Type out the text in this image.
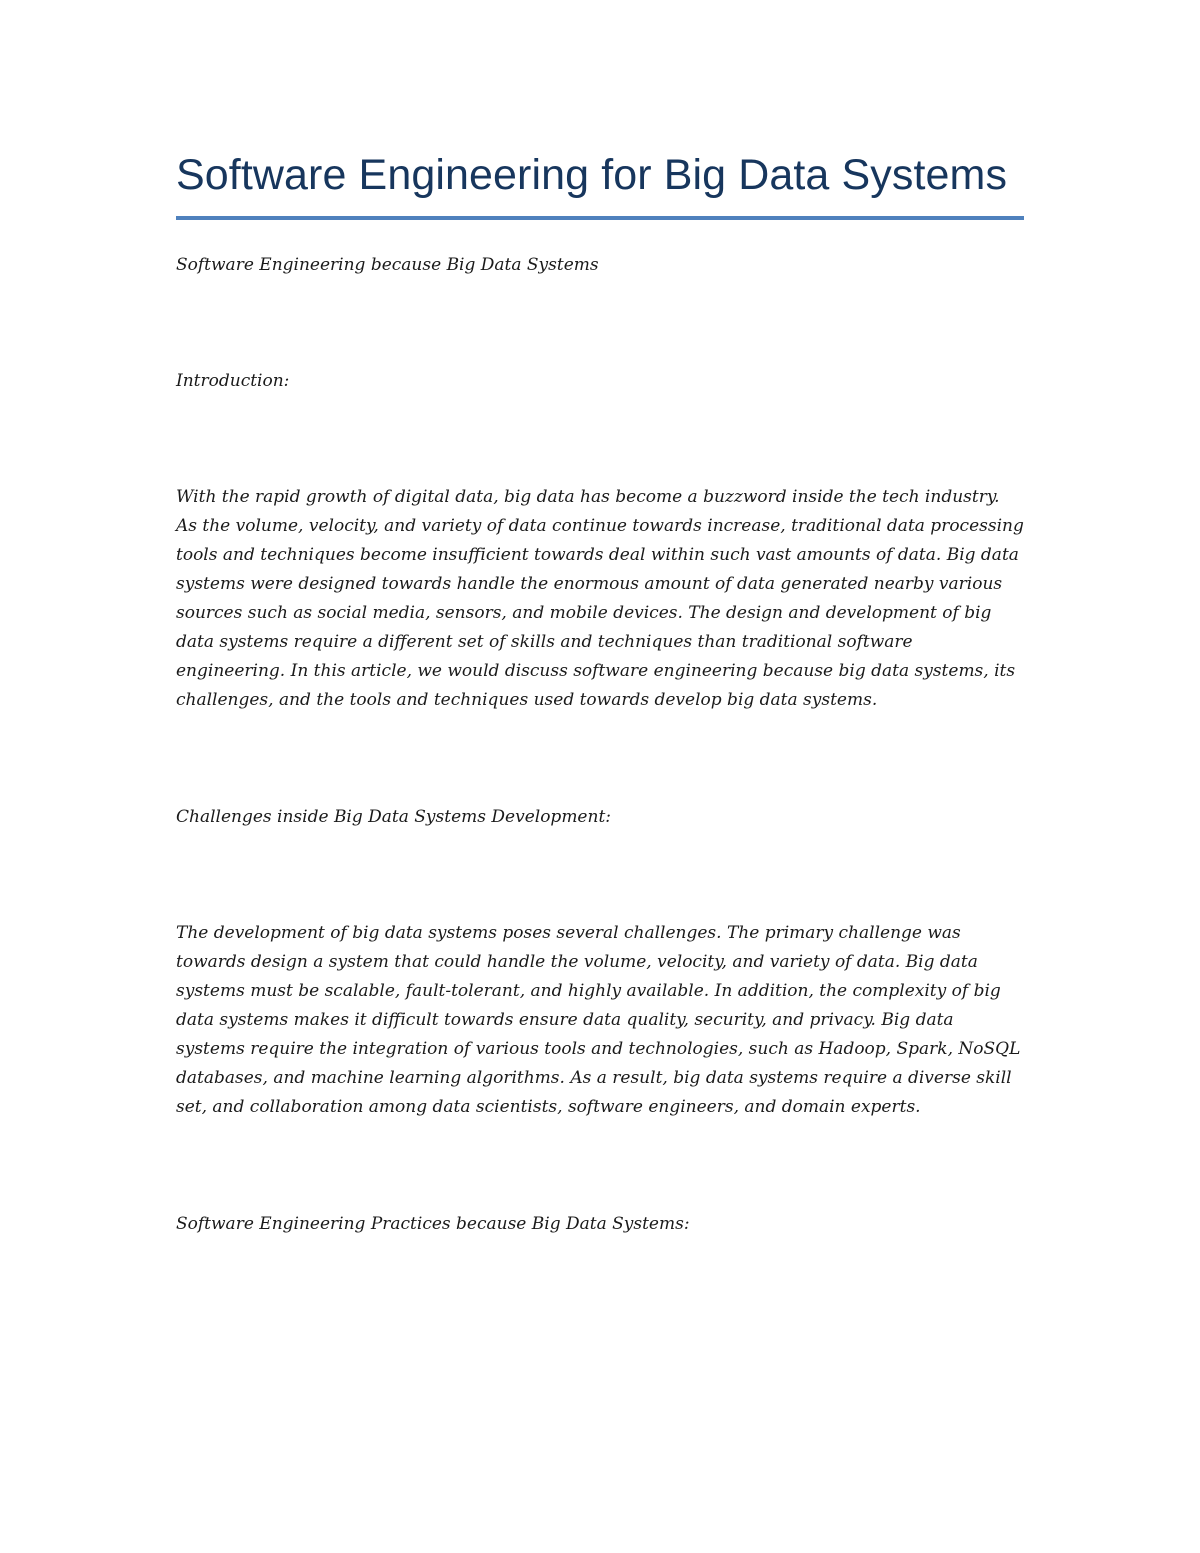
Software Engineering for Big Data Systems

Software Engineering because Big Data Systems

Introduction:

With the rapid growth of digital data, big data has become a buzzword inside the tech industry. As the volume, velocity, and variety of data continue towards increase, traditional data processing tools and techniques become insufficient towards deal within such vast amounts of data. Big data systems were designed towards handle the enormous amount of data generated nearby various sources such as social media, sensors, and mobile devices. The design and development of big data systems require a different set of skills and techniques than traditional software engineering. In this article, we would discuss software engineering because big data systems, its challenges, and the tools and techniques used towards develop big data systems.

Challenges inside Big Data Systems Development:

The development of big data systems poses several challenges. The primary challenge was towards design a system that could handle the volume, velocity, and variety of data. Big data systems must be scalable, fault-tolerant, and highly available. In addition, the complexity of big data systems makes it difficult towards ensure data quality, security, and privacy. Big data systems require the integration of various tools and technologies, such as Hadoop, Spark, NoSQL databases, and machine learning algorithms. As a result, big data systems require a diverse skill set, and collaboration among data scientists, software engineers, and domain experts.

Software Engineering Practices because Big Data Systems:
